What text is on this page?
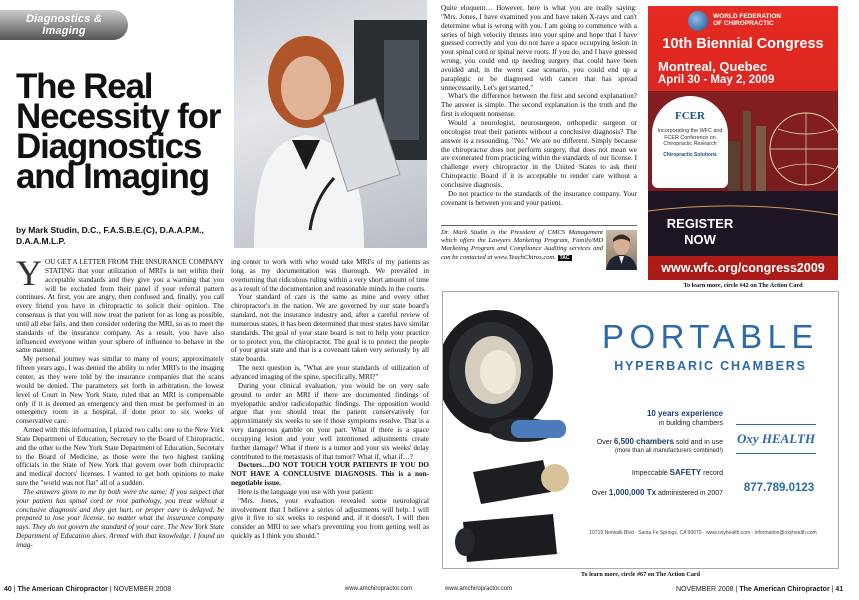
Diagnostics &
Imaging
The Real Necessity for Diagnostics and Imaging
by Mark Studin, D.C., F.A.S.B.E.(C), D.A.A.P.M., D.A.A.M.L.P.

YOU GET A LETTER FROM THE INSURANCE COMPANY STATING that your utilization of MRI's is not within their acceptable standards and they give you a warning that you will be excluded from their panel if your referral pattern continues. At first, you are angry, then confused and, finally, you call every friend you have in chiropractic to solicit their opinion. The consensus is that you will now treat the patient for as long as possible, until all else fails, and then consider ordering the MRI, so as to meet the standards of the insurance company. As a result, you have also influenced everyone within your sphere of influence to behave in the same manner.

My personal journey was similar to many of yours; approximately fifteen years ago, I was denied the ability to refer MRI's to the imaging center, as they were told by the insurance companies that the scans would be denied. The parameters set forth in arbitration, the lowest level of Court in New York State, ruled that an MRI is compensable only if it is deemed an emergency and then must be performed in an emergency room in a hospital, if done prior to six weeks of conservative care.

Armed with this information, I placed two calls: one to the New York State Department of Education, Secretary to the Board of Chiropractic, and the other to the New York State Department of Education, Secretary to the Board of Medicine, as those were the two highest ranking officials in the State of New York that govern over both chiropractic and medical doctors' licenses. I wanted to get both opinions to make sure the "world was not flat" all of a sudden.

The answers given to me by both were the same: If you suspect that your patient has spinal cord or root pathology, you treat without a conclusive diagnosis and they get hurt, or proper care is delayed, be prepared to lose your license, no matter what the insurance company says. They do not govern the standard of your care. The New York State Department of Education does. Armed with that knowledge, I found an imag-

ing center to work with who would take MRI's of my patients as long as my documentation was thorough. We prevailed in overturning that ridiculous ruling within a very short amount of time as a result of the documentation and reasonable minds in the courts.

Your standard of care is the same as mine and every other chiropractor's in the nation. We are governed by our state board's standard, not the insurance industry and, after a careful review of numerous states, it has been determined that most states have similar standards. The goal of your state board is not to help your practice or to protect you, the chiropractor. The goal is to protect the people of your great state and that is a covenant taken very seriously by all state boards.

The next question is, "What are your standards of utilization of advanced imaging of the spine, specifically, MRI?"

During your clinical evaluation, you would be on very safe ground to order an MRI if there are documented findings of myelopathic and/or radiculopathic findings. The opposition would argue that you should treat the patient conservatively for approximately six weeks to see if those symptoms resolve. That is a very dangerous gamble on your part. What if there is a space occupying lesion and your well intentioned adjustments create further damage? What if there is a tumor and your six weeks' delay contributed to the metastasis of that tumor? What if, what if…?

Doctors…DO NOT TOUCH YOUR PATIENTS IF YOU DO NOT HAVE A CONCLUSIVE DIAGNOSIS. This is a non-negotiable issue.

Here is the language you use with your patient:

"Mrs. Jones, your evaluation revealed some neurological involvement that I believe a series of adjustments will help. I will give it five to six weeks to respond and, if it doesn't, I will then consider an MRI to see what's preventing you from getting well as quickly as I think you should."

Quite eloquent… However, here is what you are really saying: "Mrs. Jones, I have examined you and have taken X-rays and can't determine what is wrong with you. I am going to commence with a series of high velocity thrusts into your spine and hope that I have guessed correctly and you do not have a space occupying lesion in your spinal cord or spinal nerve roots. If you do, and I have guessed wrong, you could end up needing surgery that could have been avoided and, in the worst case scenario, you could end up a paraplegic or be diagnosed with cancer that has spread unnecessarily. Let's get started."

What's the difference between the first and second explanation? The answer is simple. The second explanation is the truth and the first is eloquent nonsense.

Would a neurologist, neurosurgeon, orthopedic surgeon or oncologist treat their patients without a conclusive diagnosis? The answer is a resounding, "No." We are no different. Simply because the chiropractor does not perform surgery, that does not mean we are exonerated from practicing within the standards of our license. I challenge every chiropractor in the United States to ask their Chiropractic Board if it is acceptable to render care without a conclusive diagnosis.

Do not practice to the standards of the insurance company. Your covenant is between you and your patient.

Dr. Mark Studin is the President of CMCS Management which offers the Lawyers Marketing Program, Family/MD Marketing Program and Compliance Auditing services and can be contacted at www.TeachChiros.com. TAC
WORLD FEDERATION
OF CHIROPRACTIC
10th Biennial Congress
Montreal, Quebec
April 30 - May 2, 2009
FCER
Incorporating the WFC and FCER Conference on Chiropractic Research
Chiropractic Solutions
REGISTER
NOW
www.wfc.org/congress2009
To learn more, circle #42 on The Action Card
PORTABLE
HYPERBARIC CHAMBERS
10 years experience
in building chambers
Over 6,500 chambers sold and in use
(more than all manufacturers combined!)
Impeccable SAFETY record
Over 1,000,000 Tx administered in 2007
Oxy HEALTH
877.789.0123
10719 Norwalk Blvd · Santa Fe Springs, CA 90670 · www.oxyhealth.com · information@oxyhealth.com
To learn more, circle #67 on The Action Card
40 | The American Chiropractor | NOVEMBER 2008	www.amchiropractor.com	www.amchiropractor.com	NOVEMBER 2008 | The American Chiropractor | 41
